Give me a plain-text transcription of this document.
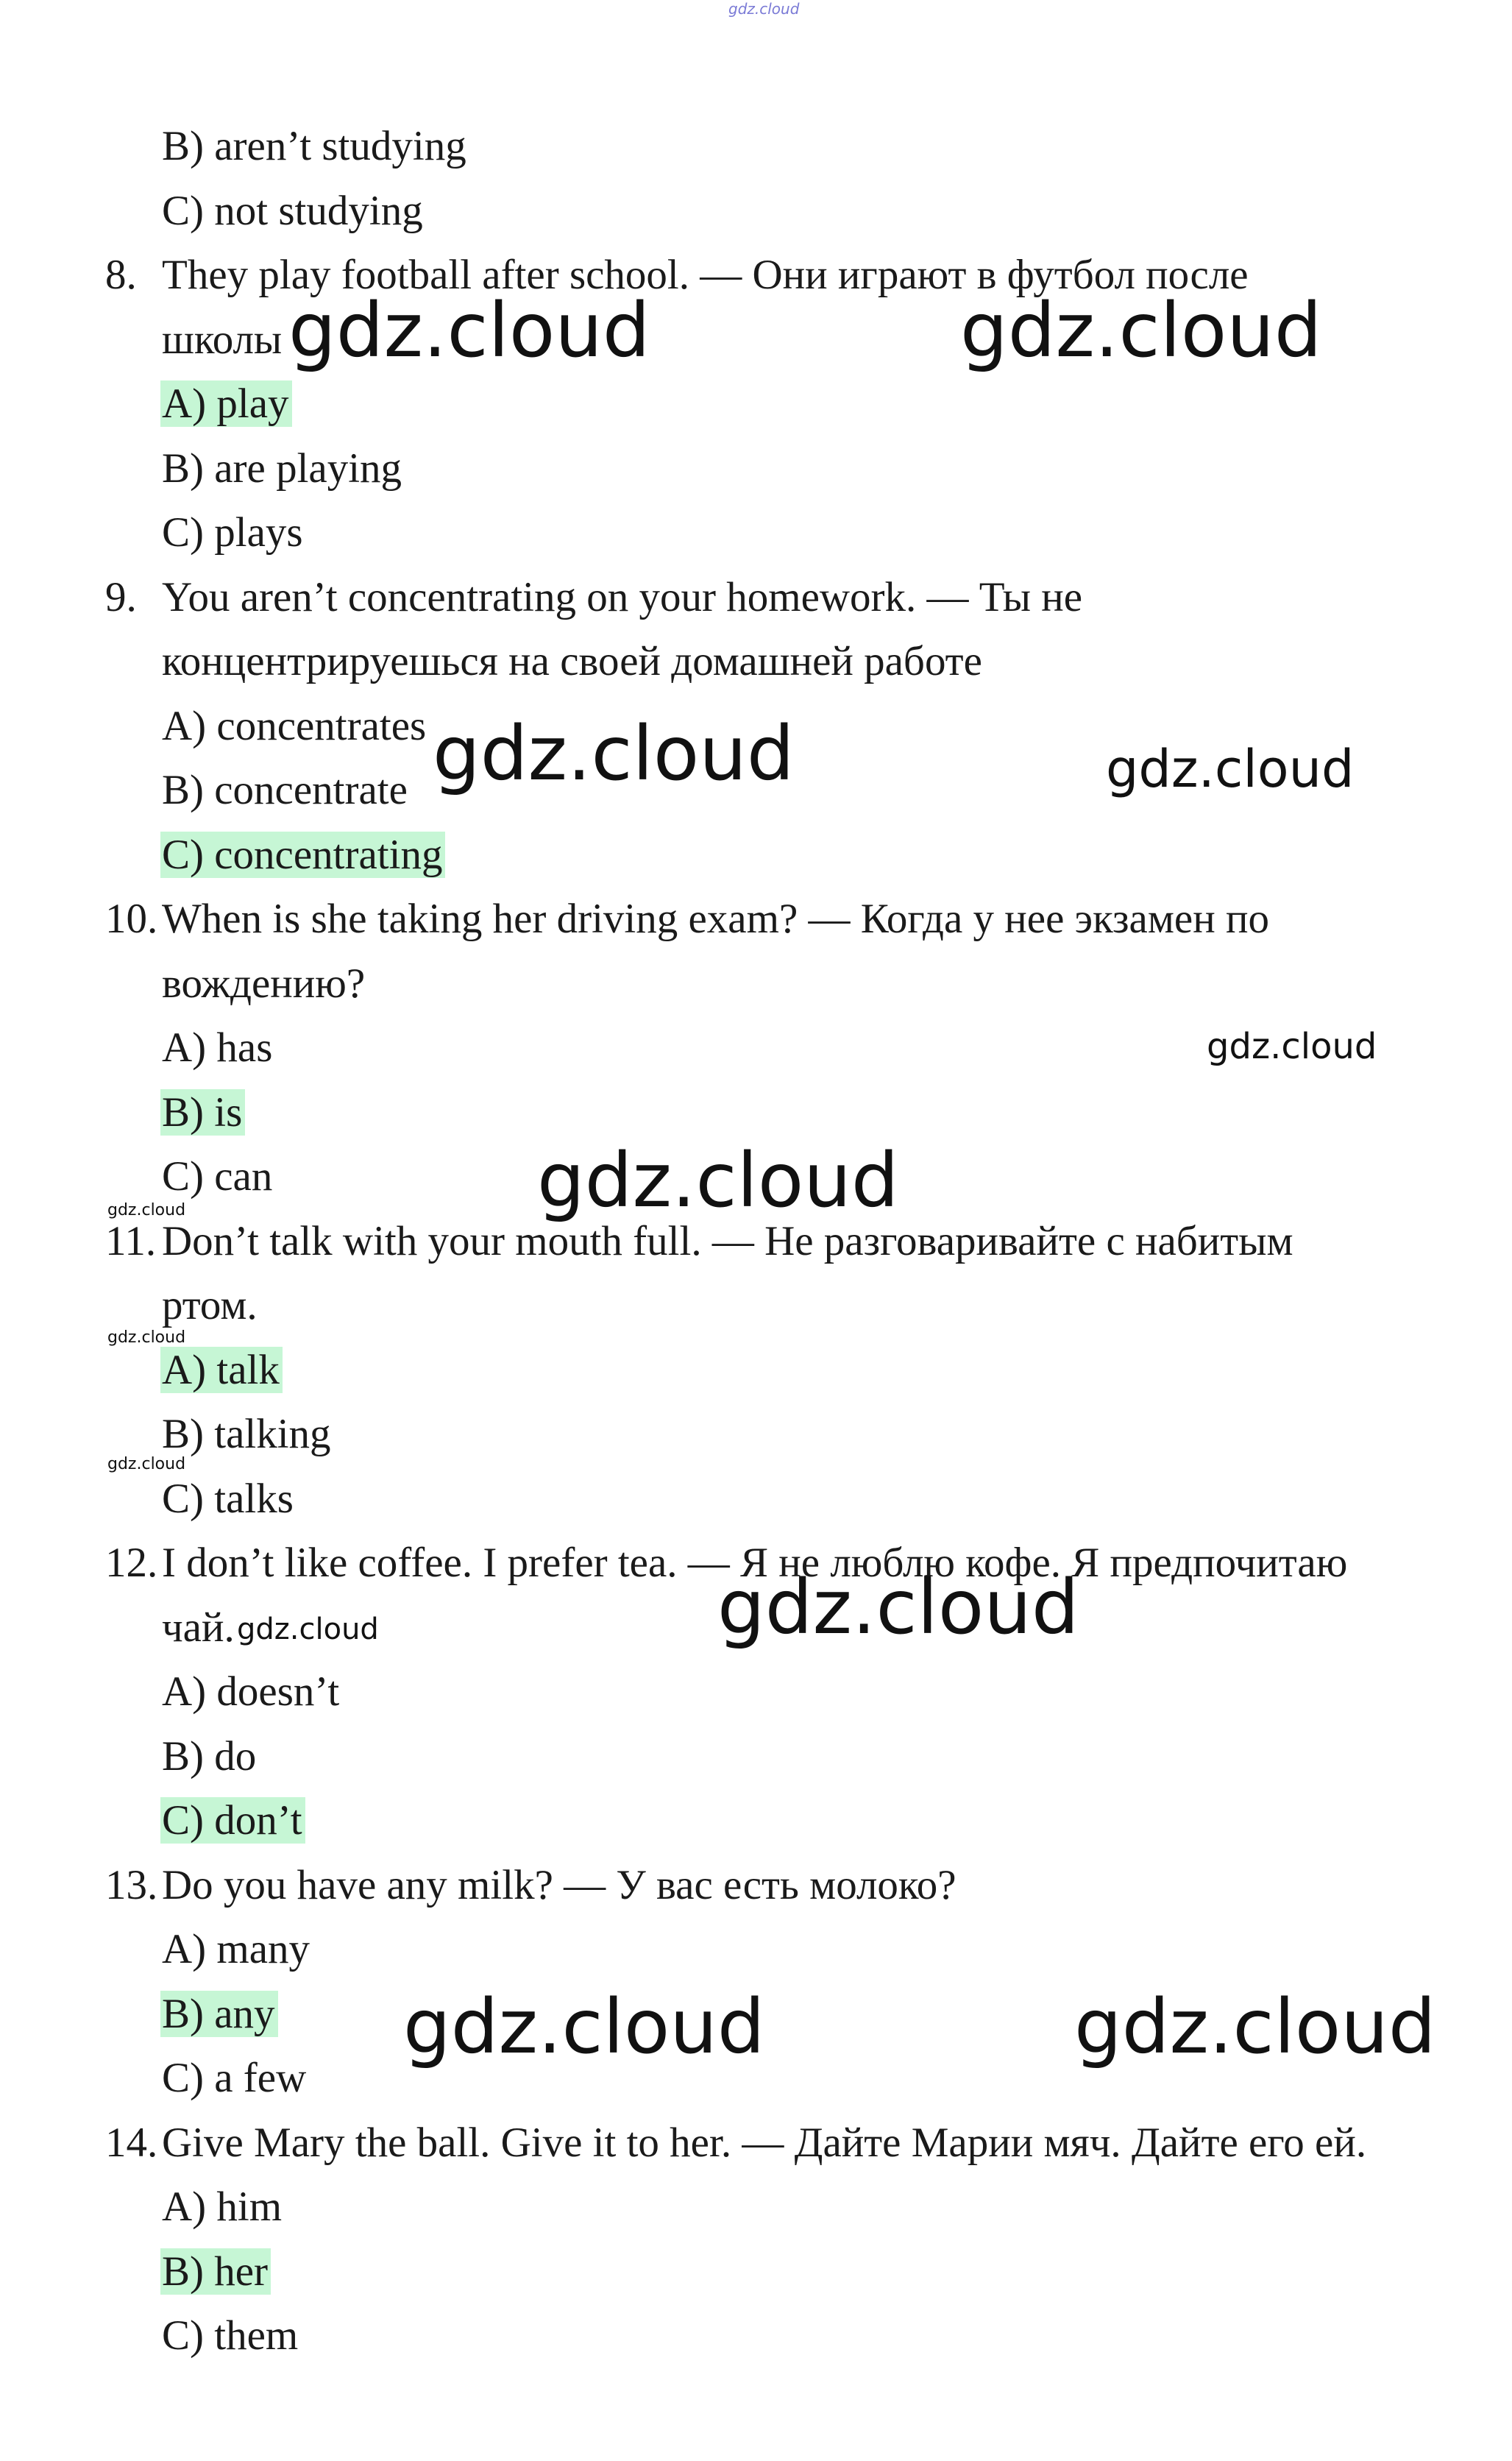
gdz.cloud
B) aren’t studying
C) not studying
8. They play football after school. — Они играют в футбол после
школы
A) play
B) are playing
C) plays
9. You aren’t concentrating on your homework. — Ты не
концентрируешься на своей домашней работе
A) concentrates
B) concentrate
C) concentrating
10. When is she taking her driving exam? — Когда у нее экзамен по
вождению?
A) has
B) is
C) can
11. Don’t talk with your mouth full. — Не разговаривайте с набитым
ртом.
A) talk
B) talking
C) talks
12. I don’t like coffee. I prefer tea. — Я не люблю кофе. Я предпочитаю
чай.
A) doesn’t
B) do
C) don’t
13. Do you have any milk? — У вас есть молоко?
A) many
B) any
C) a few
14. Give Mary the ball. Give it to her. — Дайте Марии мяч. Дайте его ей.
A) him
B) her
C) them
gdz.cloud	gdz.cloud
gdz.cloud	gdz.cloud
gdz.cloud
gdz.cloud
gdz.cloud
gdz.cloud
gdz.cloud
gdz.cloud
gdz.cloud
gdz.cloud	gdz.cloud
